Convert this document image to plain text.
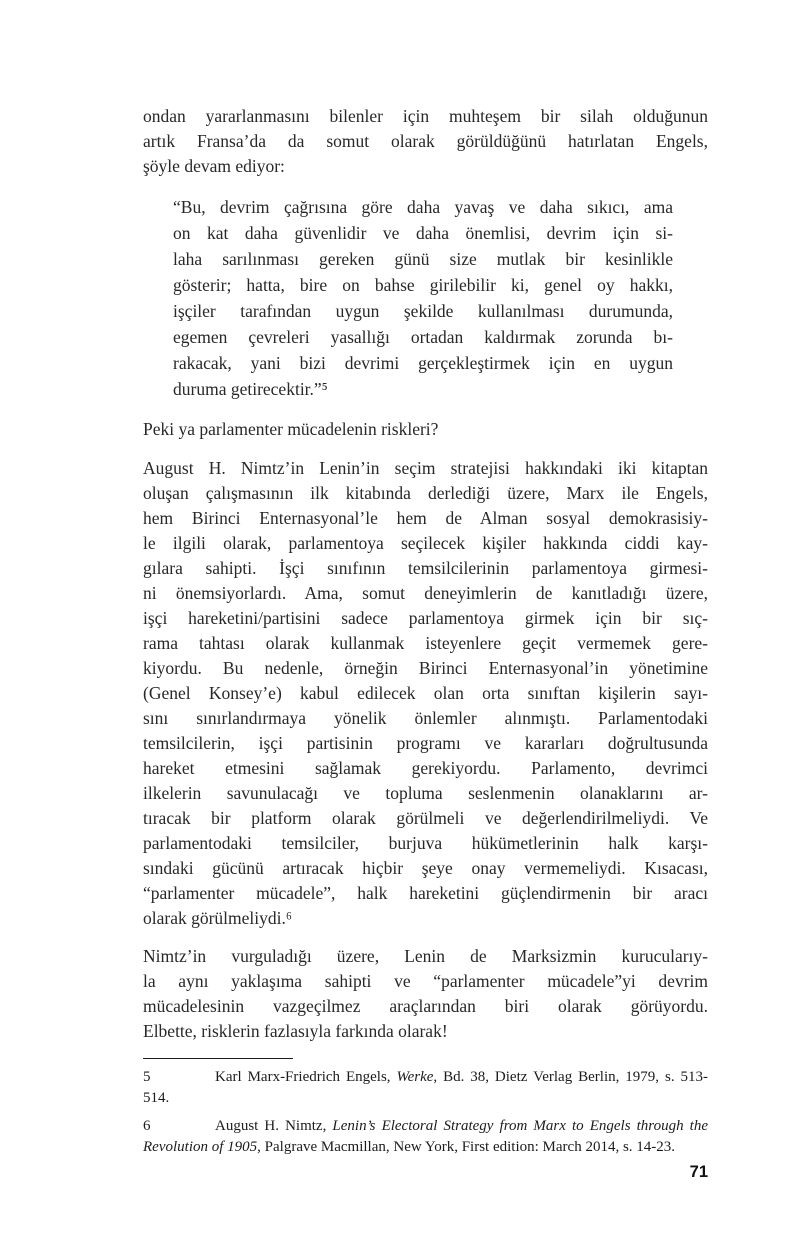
ondan yararlanmasını bilenler için muhteşem bir silah olduğunun
artık Fransa’da da somut olarak görüldüğünü hatırlatan Engels,
şöyle devam ediyor:
“Bu, devrim çağrısına göre daha yavaş ve daha sıkıcı, ama
on kat daha güvenlidir ve daha önemlisi, devrim için si-
laha sarılınması gereken günü size mutlak bir kesinlikle
gösterir; hatta, bire on bahse girilebilir ki, genel oy hakkı,
işçiler tarafından uygun şekilde kullanılması durumunda,
egemen çevreleri yasallığı ortadan kaldırmak zorunda bı-
rakacak, yani bizi devrimi gerçekleştirmek için en uygun
duruma getirecektir.”⁵
Peki ya parlamenter mücadelenin riskleri?
August H. Nimtz’in Lenin’in seçim stratejisi hakkındaki iki kitaptan
oluşan çalışmasının ilk kitabında derlediği üzere, Marx ile Engels,
hem Birinci Enternasyonal’le hem de Alman sosyal demokrasisiy-
le ilgili olarak, parlamentoya seçilecek kişiler hakkında ciddi kay-
gılara sahipti. İşçi sınıfının temsilcilerinin parlamentoya girmesi-
ni önemsiyorlardı. Ama, somut deneyimlerin de kanıtladığı üzere,
işçi hareketini/partisini sadece parlamentoya girmek için bir sıç-
rama tahtası olarak kullanmak isteyenlere geçit vermemek gere-
kiyordu. Bu nedenle, örneğin Birinci Enternasyonal’in yönetimine
(Genel Konsey’e) kabul edilecek olan orta sınıftan kişilerin sayı-
sını sınırlandırmaya yönelik önlemler alınmıştı. Parlamentodaki
temsilcilerin, işçi partisinin programı ve kararları doğrultusunda
hareket etmesini sağlamak gerekiyordu. Parlamento, devrimci
ilkelerin savunulacağı ve topluma seslenmenin olanaklarını ar-
tıracak bir platform olarak görülmeli ve değerlendirilmeliydi. Ve
parlamentodaki temsilciler, burjuva hükümetlerinin halk karşı-
sındaki gücünü artıracak hiçbir şeye onay vermemeliydi. Kısacası,
“parlamenter mücadele”, halk hareketini güçlendirmenin bir aracı
olarak görülmeliydi.⁶
Nimtz’in vurguladığı üzere, Lenin de Marksizmin kurucularıy-
la aynı yaklaşıma sahipti ve “parlamenter mücadele”yi devrim
mücadelesinin vazgeçilmez araçlarından biri olarak görüyordu.
Elbette, risklerin fazlasıyla farkında olarak!
5	Karl Marx-Friedrich Engels, Werke, Bd. 38, Dietz Verlag Berlin, 1979, s. 513-514.
6	August H. Nimtz, Lenin’s Electoral Strategy from Marx to Engels through the Revolution of 1905, Palgrave Macmillan, New York, First edition: March 2014, s. 14-23.
71
